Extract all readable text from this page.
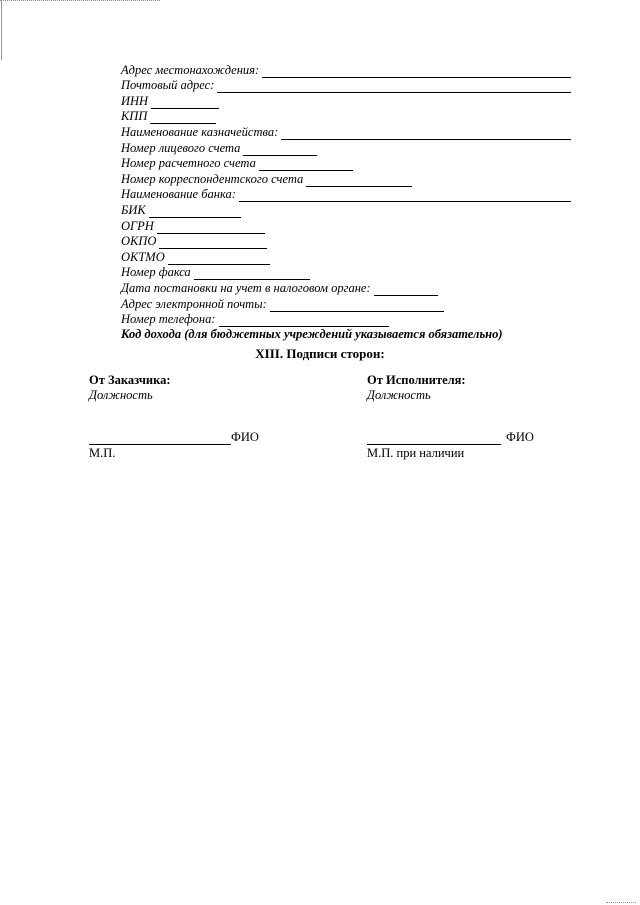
Адрес местонахождения:
Почтовый адрес:
ИНН
КПП
Наименование казначейства:
Номер лицевого счета
Номер расчетного счета
Номер корреспондентского счета
Наименование банка:
БИК
ОГРН
ОКПО
ОКТМО
Номер факса
Дата постановки на учет в налоговом органе:
Адрес электронной почты:
Номер телефона:
Код дохода (для бюджетных учреждений указывается обязательно)
XIII. Подписи сторон:
От Заказчика:
Должность
ФИО
М.П.
От Исполнителя:
Должность
ФИО
М.П. при наличии
